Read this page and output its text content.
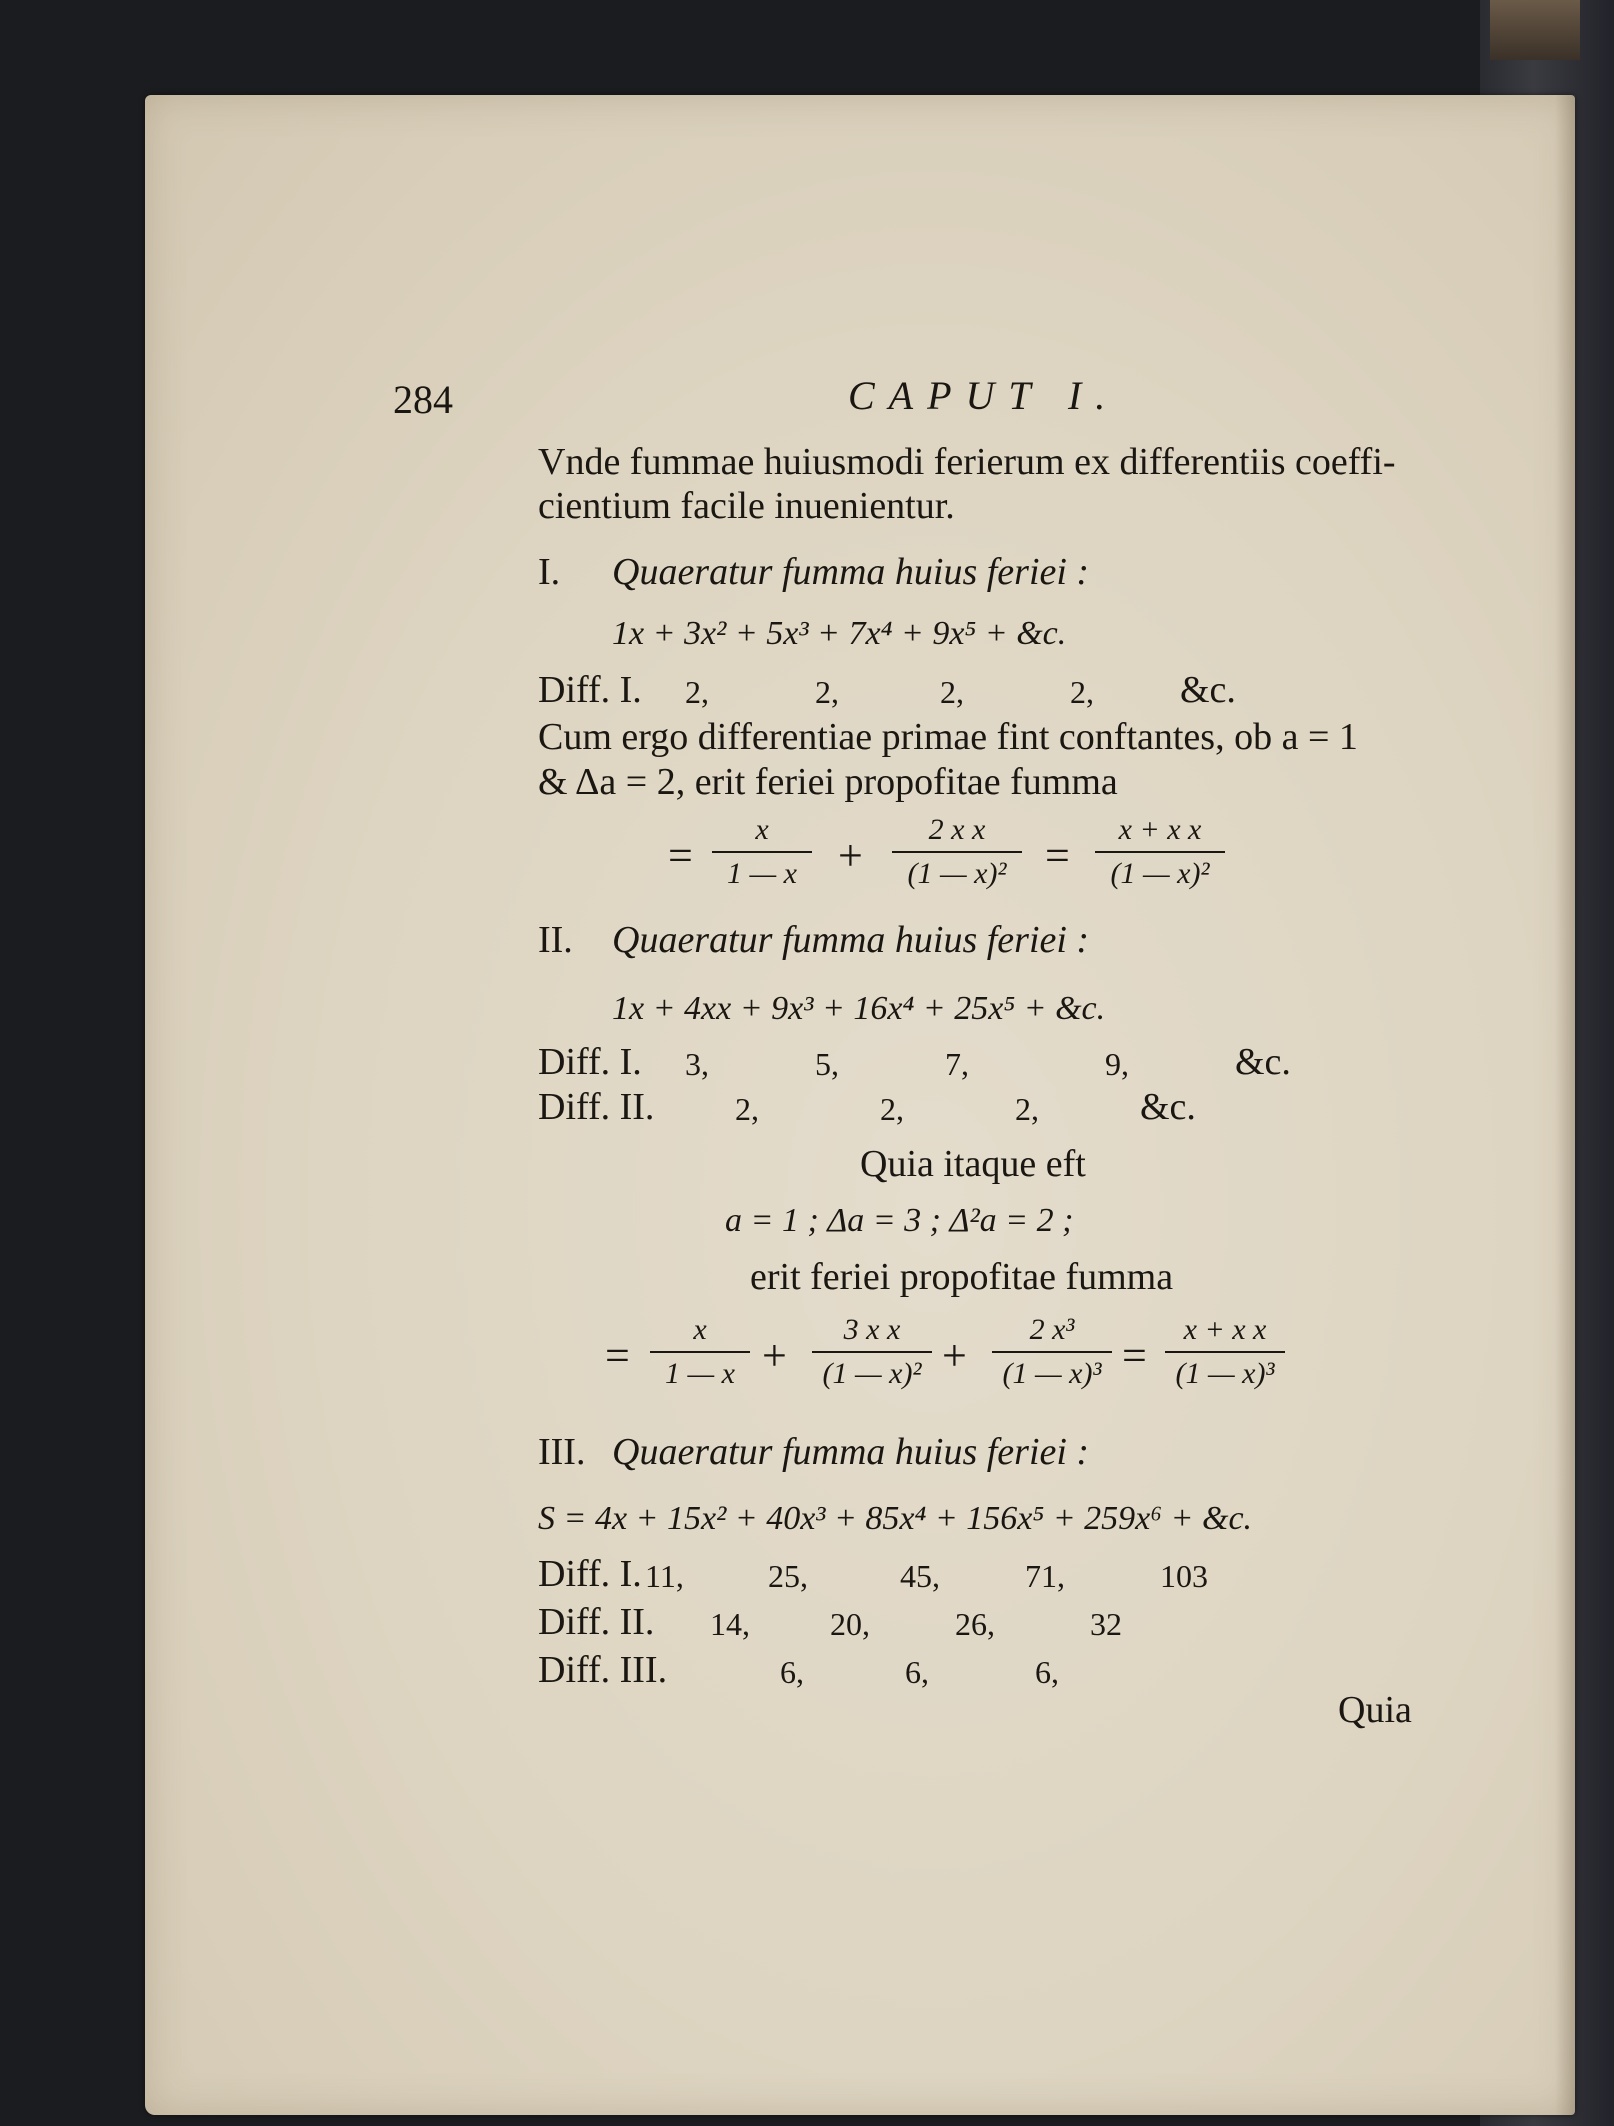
284	CAPUT I.
Vnde fummae huiusmodi ferierum ex differentiis coeffi-
cientium facile inuenientur.
I. Quaeratur fumma huius feriei :
1x + 3x² + 5x³ + 7x⁴ + 9x⁵ + &c.
Diff. I. 2,	2,	2,	2, &c.
Cum ergo differentiae primae fint conftantes, ob a = 1
& Δa = 2, erit feriei propofitae fumma
=
x
1 — x +
2 x x
(1 — x)² =
x + x x
(1 — x)²
II. Quaeratur fumma huius feriei :
1x + 4xx + 9x³ + 16x⁴ + 25x⁵ + &c.
Diff. I. 3,	5,	7,	9,	&c.
Diff. II.	2,	2,	2,	&c.
Quia itaque eft
a = 1 ; Δa = 3 ; Δ²a = 2 ;
erit feriei propofitae fumma
=
x
1 — x +
3 x x
(1 — x)² +
2 x³
(1 — x)³ =
x + x x
(1 — x)³
III. Quaeratur fumma huius feriei :
S = 4x + 15x² + 40x³ + 85x⁴ + 156x⁵ + 259x⁶ + &c.
Diff. I. 11,	25,	45,	71,	103
Diff. II. 14,	20,	26,	32
Diff. III.	6,	6,	6,
Quia
